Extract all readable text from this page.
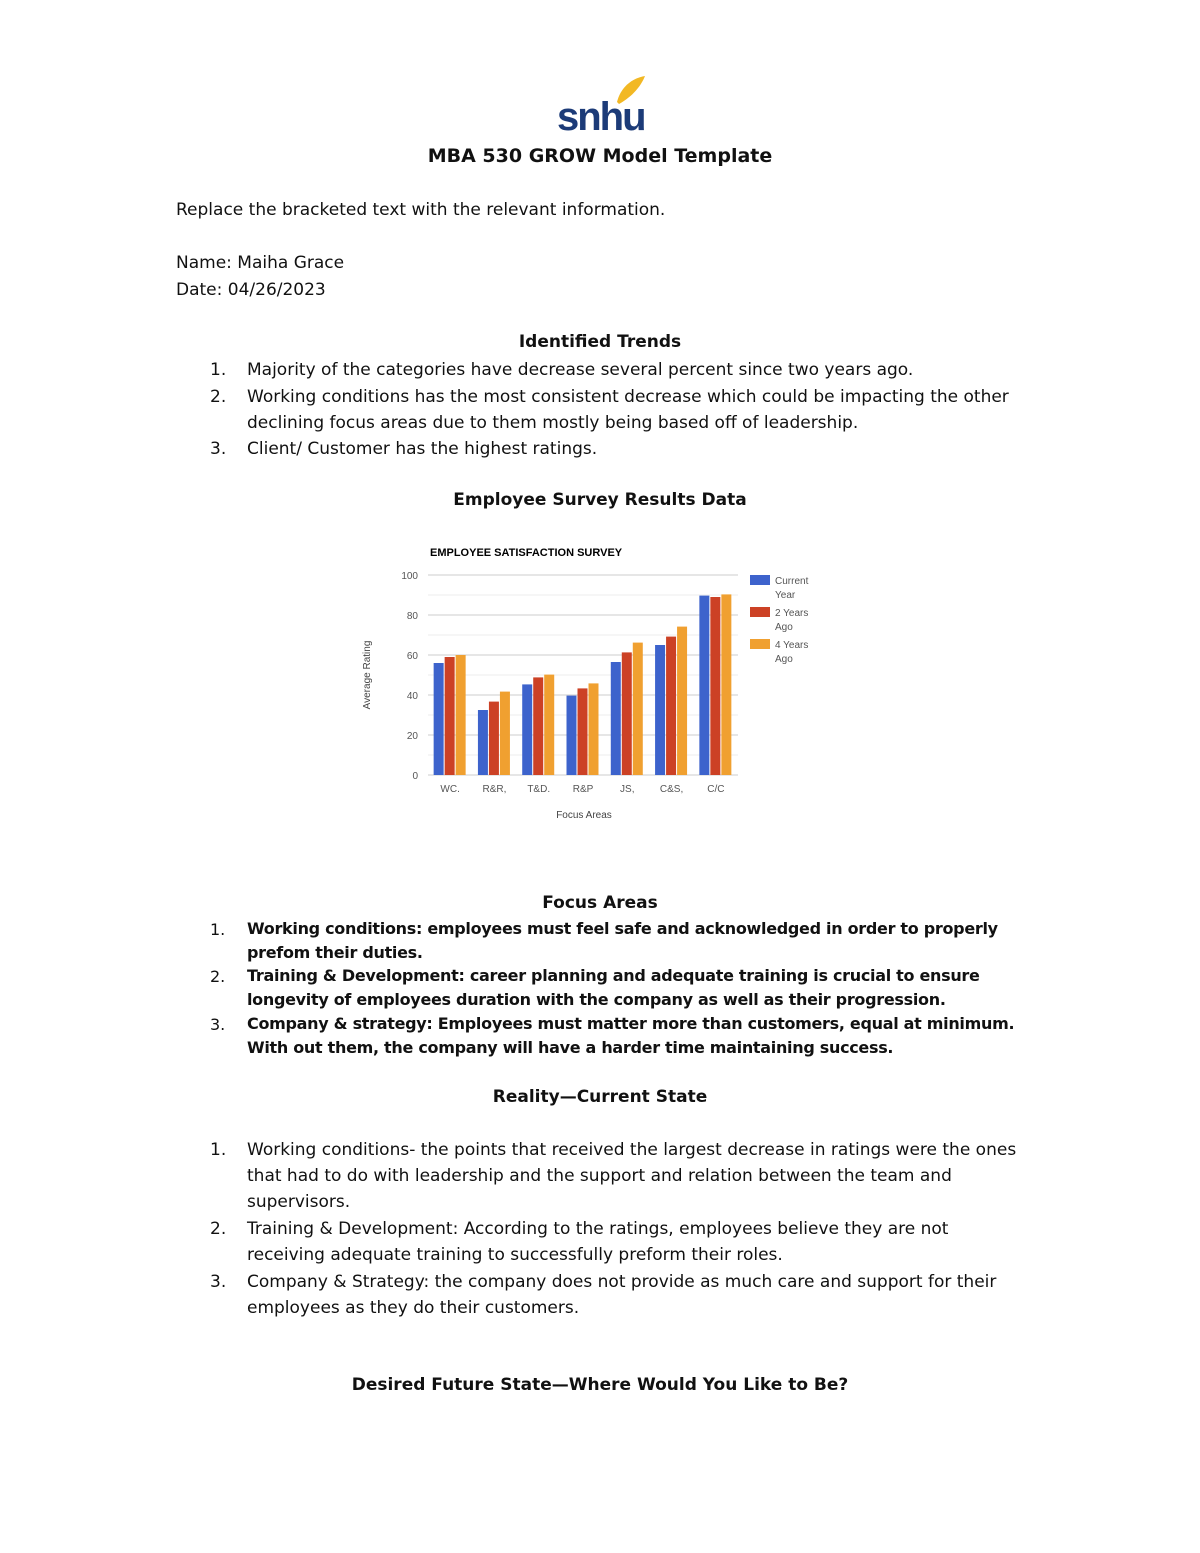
snhu
MBA 530 GROW Model Template
Replace the bracketed text with the relevant information.
Name: Maiha Grace
Date: 04/26/2023
Identified Trends
1. Majority of the categories have decrease several percent since two years ago.
2. Working conditions has the most consistent decrease which could be impacting the other declining focus areas due to them mostly being based off of leadership.
3. Client/ Customer has the highest ratings.
Employee Survey Results Data
EMPLOYEE SATISFACTION SURVEY
Average Rating
Focus Areas
0
20
40
60
80
100
WC. R&R, T&D. R&P	JS,	C&S, C/C
Current
Year
2 Years
Ago
4 Years
Ago
Focus Areas
1. Working conditions: employees must feel safe and acknowledged in order to properly prefom their duties.
2. Training & Development: career planning and adequate training is crucial to ensure longevity of employees duration with the company as well as their progression.
3. Company & strategy: Employees must matter more than customers, equal at minimum. With out them, the company will have a harder time maintaining success.
Reality—Current State
1. Working conditions- the points that received the largest decrease in ratings were the ones that had to do with leadership and the support and relation between the team and supervisors.
2. Training & Development: According to the ratings, employees believe they are not receiving adequate training to successfully preform their roles.
3. Company & Strategy: the company does not provide as much care and support for their employees as they do their customers.
Desired Future State—Where Would You Like to Be?
